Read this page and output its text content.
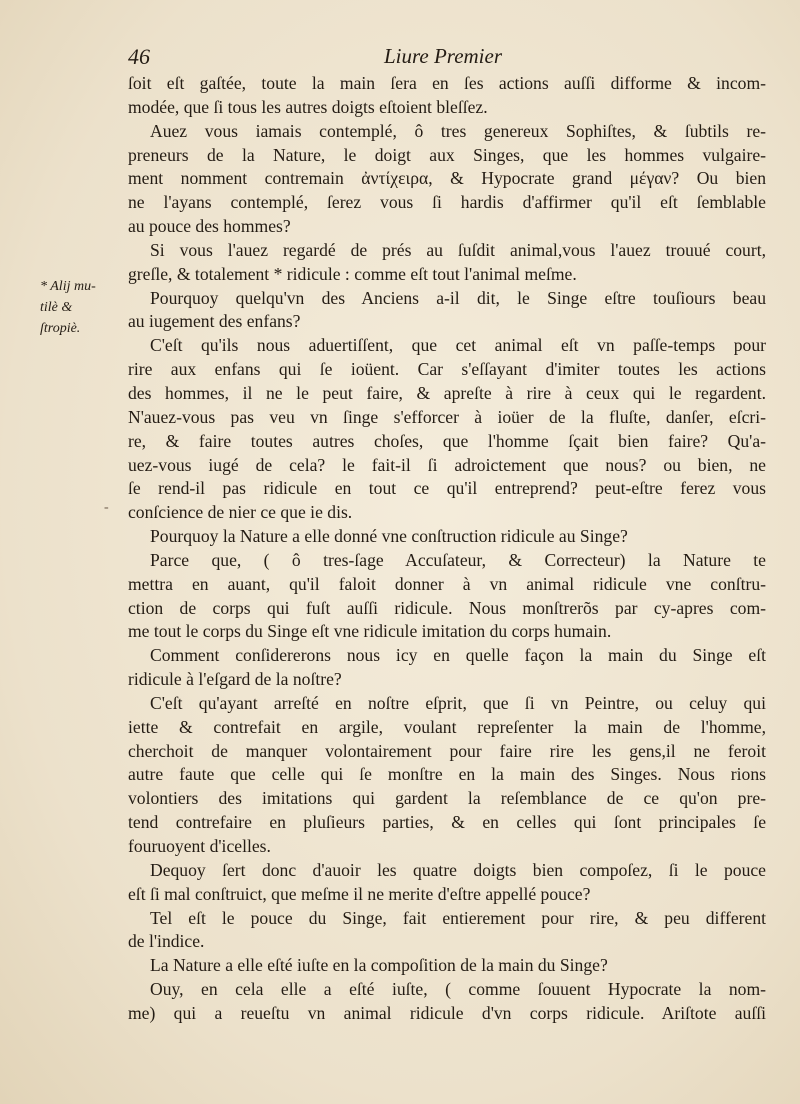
46	Liure Premier
* Alij mu-
tilè &
ſtropiè.
-
ſoit eſt gaſtée, toute la main ſera en ſes actions auſſi difforme & incom-
modée, que ſi tous les autres doigts eſtoient bleſſez.
Auez vous iamais contemplé, ô tres genereux Sophiſtes, & ſubtils re-
preneurs de la Nature, le doigt aux Singes, que les hommes vulgaire-
ment nomment contremain ἀντίχειρα, & Hypocrate grand μέγαν? Ou bien
ne l'ayans contemplé, ſerez vous ſi hardis d'affirmer qu'il eſt ſemblable
au pouce des hommes?
Si vous l'auez regardé de prés au ſuſdit animal,vous l'auez trouué court,
greſle, & totalement * ridicule : comme eſt tout l'animal meſme.
Pourquoy quelqu'vn des Anciens a-il dit, le Singe eſtre touſiours beau
au iugement des enfans?
C'eſt qu'ils nous aduertiſſent, que cet animal eſt vn paſſe-temps pour
rire aux enfans qui ſe ioüent. Car s'eſſayant d'imiter toutes les actions
des hommes, il ne le peut faire, & apreſte à rire à ceux qui le regardent.
N'auez-vous pas veu vn ſinge s'efforcer à ioüer de la fluſte, danſer, eſcri-
re, & faire toutes autres choſes, que l'homme ſçait bien faire? Qu'a-
uez-vous iugé de cela? le fait-il ſi adroictement que nous? ou bien, ne
ſe rend-il pas ridicule en tout ce qu'il entreprend? peut-eſtre ferez vous
conſcience de nier ce que ie dis.
Pourquoy la Nature a elle donné vne conſtruction ridicule au Singe?
Parce que, ( ô tres-ſage Accuſateur, & Correcteur) la Nature te
mettra en auant, qu'il faloit donner à vn animal ridicule vne conſtru-
ction de corps qui fuſt auſſi ridicule. Nous monſtrerõs par cy-apres com-
me tout le corps du Singe eſt vne ridicule imitation du corps humain.
Comment conſidererons nous icy en quelle façon la main du Singe eſt
ridicule à l'eſgard de la noſtre?
C'eſt qu'ayant arreſté en noſtre eſprit, que ſi vn Peintre, ou celuy qui
iette & contrefait en argile, voulant repreſenter la main de l'homme,
cherchoit de manquer volontairement pour faire rire les gens,il ne feroit
autre faute que celle qui ſe monſtre en la main des Singes. Nous rions
volontiers des imitations qui gardent la reſemblance de ce qu'on pre-
tend contrefaire en pluſieurs parties, & en celles qui ſont principales ſe
fouruoyent d'icelles.
Dequoy ſert donc d'auoir les quatre doigts bien compoſez, ſi le pouce
eſt ſi mal conſtruict, que meſme il ne merite d'eſtre appellé pouce?
Tel eſt le pouce du Singe, fait entierement pour rire, & peu different
de l'indice.
La Nature a elle eſté iuſte en la compoſition de la main du Singe?
Ouy, en cela elle a eſté iuſte, ( comme ſouuent Hypocrate la nom-
me) qui a reueſtu vn animal ridicule d'vn corps ridicule. Ariſtote auſſi
